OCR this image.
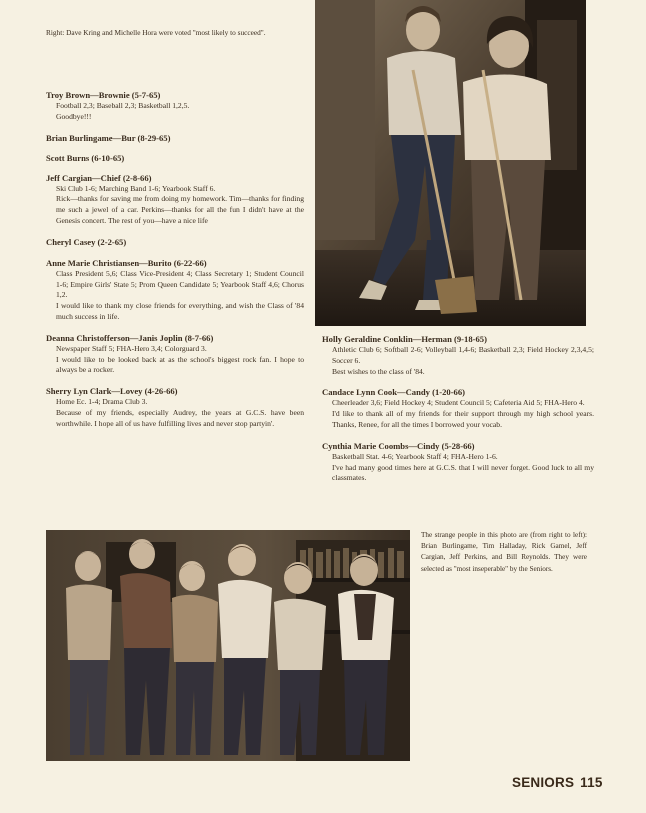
Right: Dave Kring and Michelle Hora were voted "most likely to succeed".
Troy Brown—Brownie (5-7-65)

Football 2,3; Baseball 2,3; Basketball 1,2,5.

Goodbye!!!

Brian Burlingame—Bur (8-29-65)
Scott Burns (6-10-65)
Jeff Cargian—Chief (2-8-66)

Ski Club 1-6; Marching Band 1-6; Yearbook Staff 6.

Rick—thanks for saving me from doing my homework. Tim—thanks for finding me such a jewel of a car. Perkins—thanks for all the fun I didn't have at the Genesis concert. The rest of you—have a nice life

Cheryl Casey (2-2-65)
Anne Marie Christiansen—Burito (6-22-66)

Class President 5,6; Class Vice-President 4; Class Secretary 1; Student Council 1-6; Empire Girls' State 5; Prom Queen Candidate 5; Yearbook Staff 4,6; Chorus 1,2.

I would like to thank my close friends for everything, and wish the Class of '84 much success in life.

Deanna Christofferson—Janis Joplin (8-7-66)

Newspaper Staff 5; FHA-Hero 3,4; Colorguard 3.

I would like to be looked back at as the school's biggest rock fan. I hope to always be a rocker.

Sherry Lyn Clark—Lovey (4-26-66)

Home Ec. 1-4; Drama Club 3.

Because of my friends, especially Audrey, the years at G.C.S. have been worthwhile. I hope all of us have fulfilling lives and never stop partyin'.

Holly Geraldine Conklin—Herman (9-18-65)

Athletic Club 6; Softball 2-6; Volleyball 1,4-6; Basketball 2,3; Field Hockey 2,3,4,5; Soccer 6.

Best wishes to the class of '84.

Candace Lynn Cook—Candy (1-20-66)

Cheerleader 3,6; Field Hockey 4; Student Council 5; Cafeteria Aid 5; FHA-Hero 4.

I'd like to thank all of my friends for their support through my high school years. Thanks, Renee, for all the times I borrowed your vocab.

Cynthia Marie Coombs—Cindy (5-28-66)

Basketball Stat. 4-6; Yearbook Staff 4; FHA-Hero 1-6.

I've had many good times here at G.C.S. that I will never forget. Good luck to all my classmates.

The strange people in this photo are (from right to left): Brian Burlingame, Tim Halladay, Rick Gamel, Jeff Cargian, Jeff Perkins, and Bill Reynolds. They were selected as "most inseperable" by the Seniors.
SENIORS 115
